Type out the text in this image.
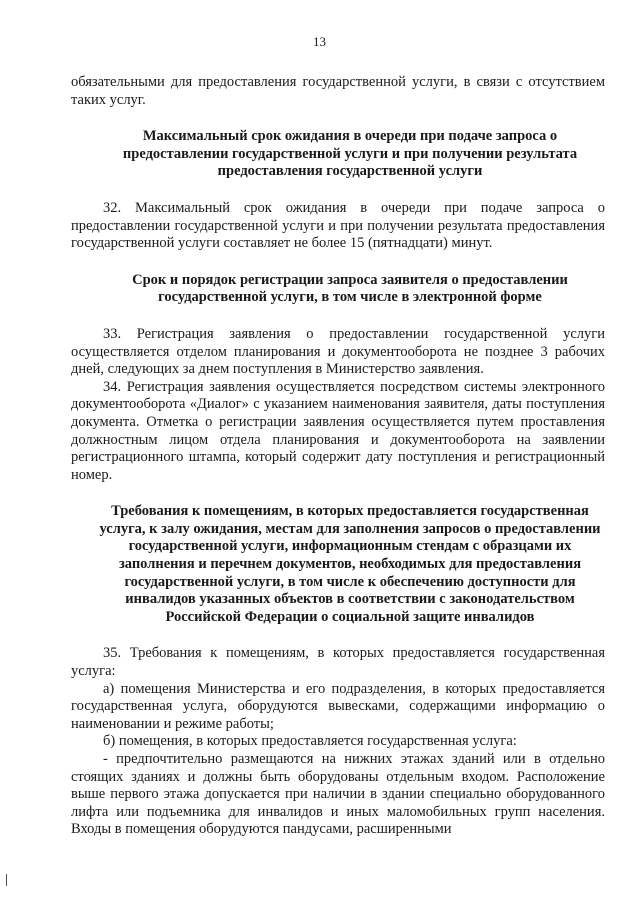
13

обязательными для предоставления государственной услуги, в связи с отсутствием таких услуг.

Максимальный срок ожидания в очереди при подаче запроса о предоставлении государственной услуги и при получении результата предоставления государственной услуги

32. Максимальный срок ожидания в очереди при подаче запроса о предоставлении государственной услуги и при получении результата предоставления государственной услуги составляет не более 15 (пятнадцати) минут.

Срок и порядок регистрации запроса заявителя о предоставлении государственной услуги, в том числе в электронной форме

33. Регистрация заявления о предоставлении государственной услуги осуществляется отделом планирования и документооборота не позднее 3 рабочих дней, следующих за днем поступления в Министерство заявления.

34. Регистрация заявления осуществляется посредством системы электронного документооборота «Диалог» с указанием наименования заявителя, даты поступления документа. Отметка о регистрации заявления осуществляется путем проставления должностным лицом отдела планирования и документооборота на заявлении регистрационного штампа, который содержит дату поступления и регистрационный номер.

Требования к помещениям, в которых предоставляется государственная услуга, к залу ожидания, местам для заполнения запросов о предоставлении государственной услуги, информационным стендам с образцами их заполнения и перечнем документов, необходимых для предоставления государственной услуги, в том числе к обеспечению доступности для инвалидов указанных объектов в соответствии с законодательством Российской Федерации о социальной защите инвалидов

35. Требования к помещениям, в которых предоставляется государственная услуга:

а) помещения Министерства и его подразделения, в которых предоставляется государственная услуга, оборудуются вывесками, содержащими информацию о наименовании и режиме работы;

б) помещения, в которых предоставляется государственная услуга:

- предпочтительно размещаются на нижних этажах зданий или в отдельно стоящих зданиях и должны быть оборудованы отдельным входом. Расположение выше первого этажа допускается при наличии в здании специально оборудованного лифта или подъемника для инвалидов и иных маломобильных групп населения. Входы в помещения оборудуются пандусами, расширенными
